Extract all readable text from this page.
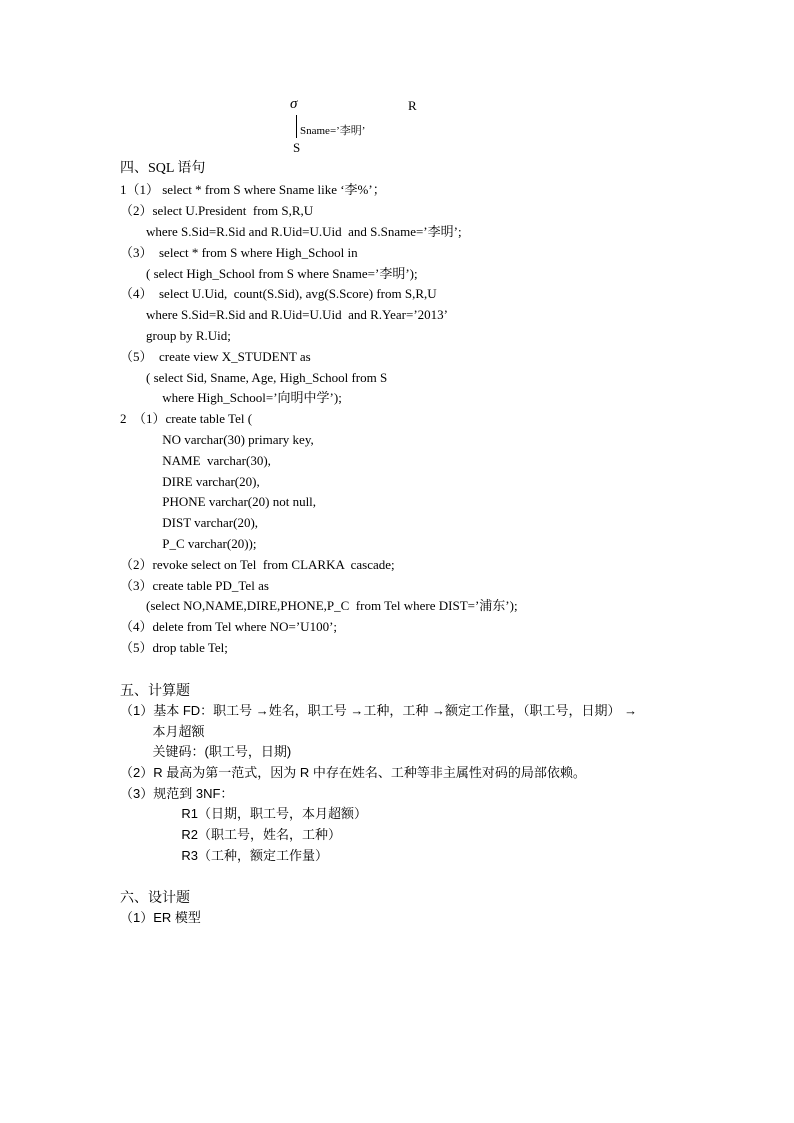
σ	R
Sname=’李明’
S
四、SQL 语句
1（1） select * from S where Sname like ‘李%’；
（2）select U.President  from S,R,U
where S.Sid=R.Sid and R.Uid=U.Uid  and S.Sname=’李明’;
（3）  select * from S where High_School in
( select High_School from S where Sname=’李明’);
（4）  select U.Uid,  count(S.Sid), avg(S.Score) from S,R,U
where S.Sid=R.Sid and R.Uid=U.Uid  and R.Year=’2013’
group by R.Uid;
（5）  create view X_STUDENT as
( select Sid, Sname, Age, High_School from S
where High_School=’向明中学’);
2  （1）create table Tel (
NO varchar(30) primary key,
NAME  varchar(30),
DIRE varchar(20),
PHONE varchar(20) not null,
DIST varchar(20),
P_C varchar(20));
（2）revoke select on Tel  from CLARKA  cascade;
（3）create table PD_Tel as
(select NO,NAME,DIRE,PHONE,P_C  from Tel where DIST=’浦东’);
（4）delete from Tel where NO=’U100’;
（5）drop table Tel;
五、计算题
（1）基本 FD：职工号 →姓名，职工号 →工种，工种 →额定工作量，（职工号，日期） →
本月超额
关键码：(职工号，日期)
（2）R 最高为第一范式，因为 R 中存在姓名、工种等非主属性对码的局部依赖。
（3）规范到 3NF：
R1（日期，职工号，本月超额）
R2（职工号，姓名，工种）
R3（工种，额定工作量）
六、设计题
（1）ER 模型
